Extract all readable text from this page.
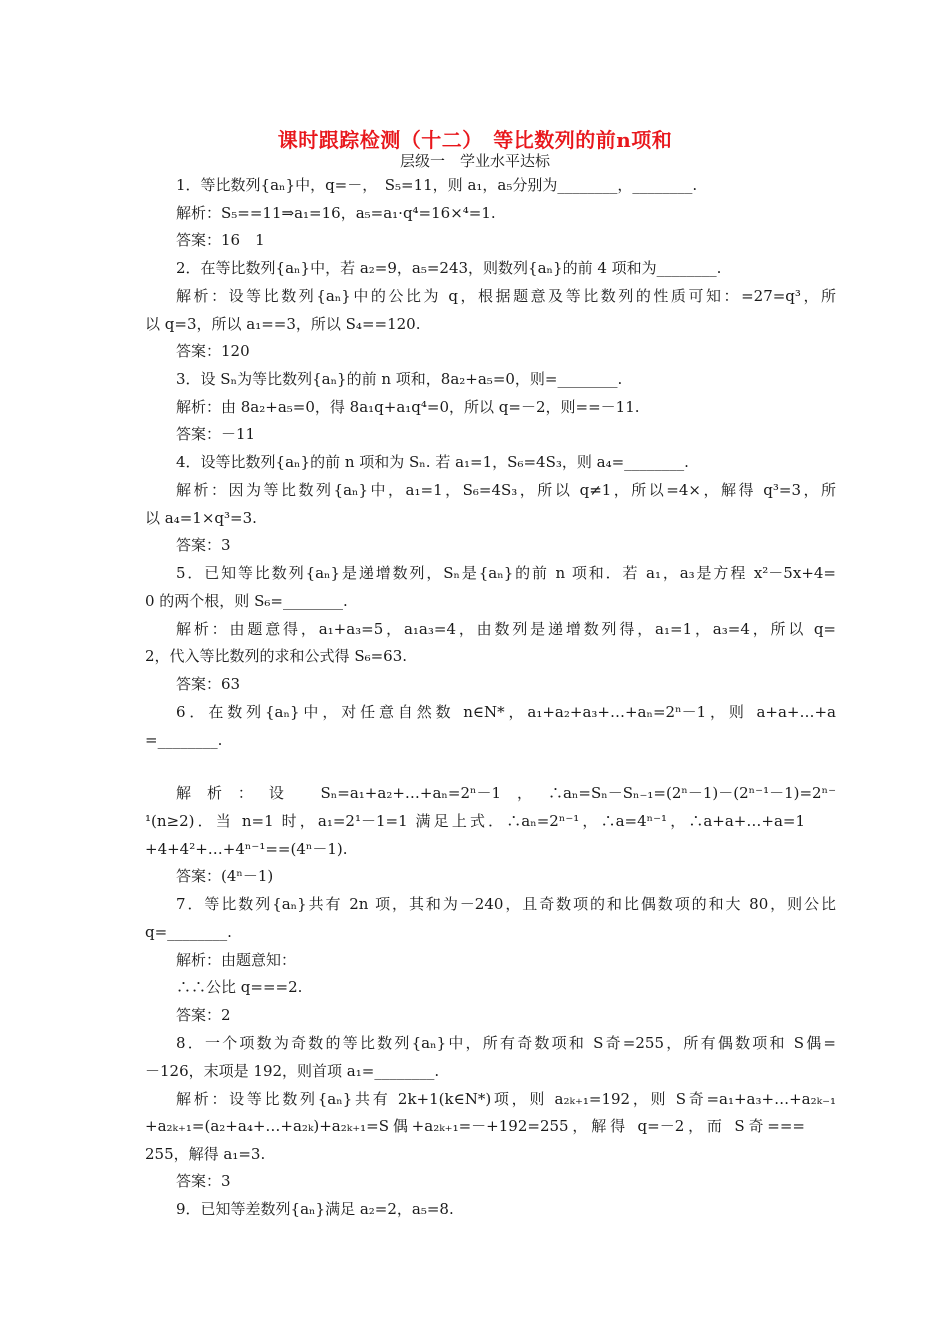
课时跟踪检测（十二）　等比数列的前n项和
层级一　学业水平达标
1．等比数列{aₙ}中，q=－，　S₅=11，则 a₁，a₅分别为________，________.
解析：S₅==11⇒a₁=16，a₅=a₁·q⁴=16×⁴=1.
答案：16　1
2．在等比数列{aₙ}中，若 a₂=9，a₅=243，则数列{aₙ}的前 4 项和为________.
解析：设等比数列{aₙ}中的公比为 q，根据题意及等比数列的性质可知：=27=q³，所
以 q=3，所以 a₁==3，所以 S₄==120.
答案：120
3．设 Sₙ为等比数列{aₙ}的前 n 项和，8a₂+a₅=0，则=________.
解析：由 8a₂+a₅=0，得 8a₁q+a₁q⁴=0，所以 q=－2，则==－11.
答案：－11
4．设等比数列{aₙ}的前 n 项和为 Sₙ. 若 a₁=1，S₆=4S₃，则 a₄=________.
解析：因为等比数列{aₙ}中，a₁=1，S₆=4S₃，所以 q≠1，所以=4×，解得 q³=3，所
以 a₄=1×q³=3.
答案：3
5．已知等比数列{aₙ}是递增数列，Sₙ是{aₙ}的前 n 项和．若 a₁，a₃是方程 x²－5x+4=
0 的两个根，则 S₆=________.
解析：由题意得，a₁+a₃=5，a₁a₃=4，由数列是递增数列得，a₁=1，a₃=4，所以 q=
2，代入等比数列的求和公式得 S₆=63.
答案：63
6．在数列{aₙ}中，对任意自然数 n∈N*，a₁+a₂+a₃+…+aₙ=2ⁿ－1，则 a+a+…+a
=________.
解析：设 Sₙ=a₁+a₂+…+aₙ=2ⁿ－1，∴aₙ=Sₙ－Sₙ₋₁=(2ⁿ－1)－(2ⁿ⁻¹－1)=2ⁿ⁻
¹(n≥2)．当 n=1 时，a₁=2¹－1=1 满足上式．∴aₙ=2ⁿ⁻¹，∴a=4ⁿ⁻¹，∴a+a+…+a=1
+4+4²+…+4ⁿ⁻¹==(4ⁿ－1).
答案：(4ⁿ－1)
7．等比数列{aₙ}共有 2n 项，其和为－240，且奇数项的和比偶数项的和大 80，则公比
q=________.
解析：由题意知：
∴∴公比 q===2.
答案：2
8．一个项数为奇数的等比数列{aₙ}中，所有奇数项和 S奇=255，所有偶数项和 S偶=
－126，末项是 192，则首项 a₁=________.
解析：设等比数列{aₙ}共有 2k+1(k∈N*)项，则 a₂ₖ₊₁=192，则 S奇=a₁+a₃+…+a₂ₖ₋₁
+a₂ₖ₊₁=(a₂+a₄+…+a₂ₖ)+a₂ₖ₊₁=S偶+a₂ₖ₊₁=－+192=255，解得 q=－2，而 S奇===
255，解得 a₁=3.
答案：3
9．已知等差数列{aₙ}满足 a₂=2，a₅=8.
